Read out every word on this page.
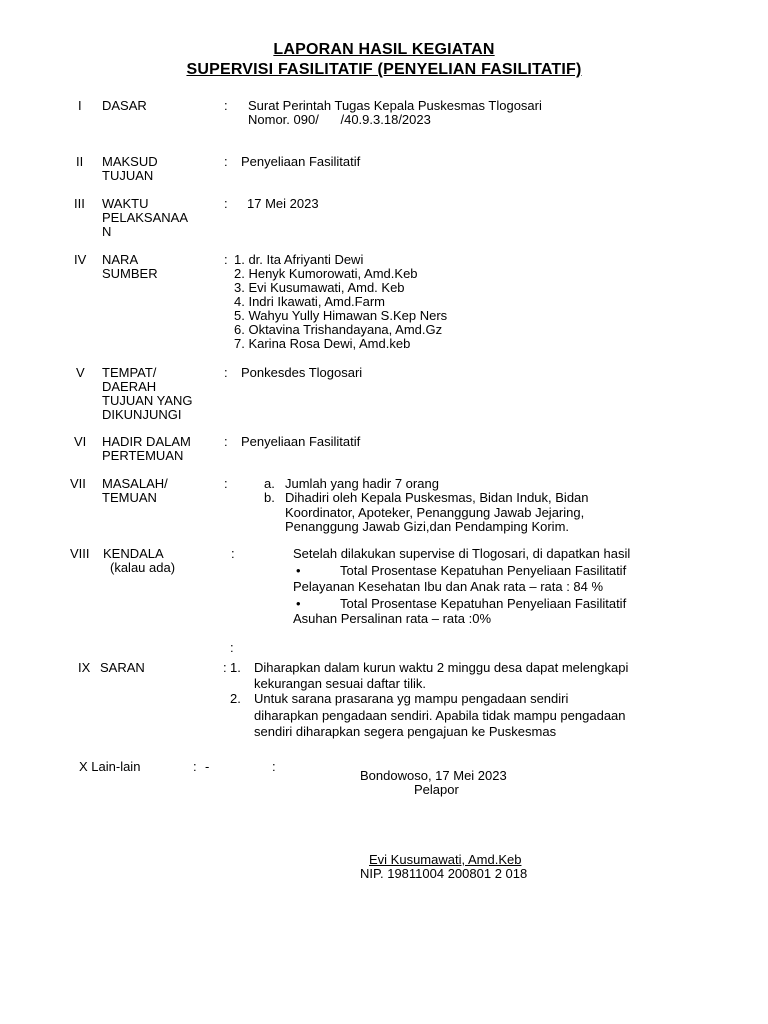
LAPORAN HASIL KEGIATAN
SUPERVISI FASILITATIF (PENYELIAN FASILITATIF)
I DASAR	: Surat Perintah Tugas Kepala Puskesmas Tlogosari
Nomor. 090/      /40.9.3.18/2023
II MAKSUD
TUJUAN
: Penyeliaan Fasilitatif
III WAKTU
PELAKSANAA
N
: 17 Mei 2023
IV NARA
SUMBER
: 1. dr. Ita Afriyanti Dewi
2. Henyk Kumorowati, Amd.Keb
3. Evi Kusumawati, Amd. Keb
4. Indri Ikawati, Amd.Farm
5. Wahyu Yully Himawan S.Kep Ners
6. Oktavina Trishandayana, Amd.Gz
7. Karina Rosa Dewi, Amd.keb
V TEMPAT/
DAERAH
TUJUAN YANG
DIKUNJUNGI
: Ponkesdes Tlogosari
VI HADIR DALAM
PERTEMUAN
: Penyeliaan Fasilitatif
VII MASALAH/
TEMUAN
:	a. Jumlah yang hadir 7 orang
b. Dihadiri oleh Kepala Puskesmas, Bidan Induk, Bidan
Koordinator, Apoteker, Penanggung Jawab Jejaring,
Penanggung Jawab Gizi,dan Pendamping Korim.
VIII KENDALA
(kalau ada)
:	Setelah dilakukan supervise di Tlogosari, di dapatkan hasil
•	Total Prosentase Kepatuhan Penyeliaan Fasilitatif
Pelayanan Kesehatan Ibu dan Anak rata – rata : 84 %
•	Total Prosentase Kepatuhan Penyeliaan Fasilitatif
Asuhan Persalinan rata – rata :0%
:
IX SARAN	: 1. Diharapkan dalam kurun waktu 2 minggu desa dapat melengkapi
kekurangan sesuai daftar tilik.
2. Untuk sarana prasarana yg mampu pengadaan sendiri
diharapkan pengadaan sendiri. Apabila tidak mampu pengadaan
sendiri diharapkan segera pengajuan ke Puskesmas
X Lain-lain	: -	:
Bondowoso, 17 Mei 2023
Pelapor
Evi Kusumawati, Amd.Keb
NIP. 19811004 200801 2 018
